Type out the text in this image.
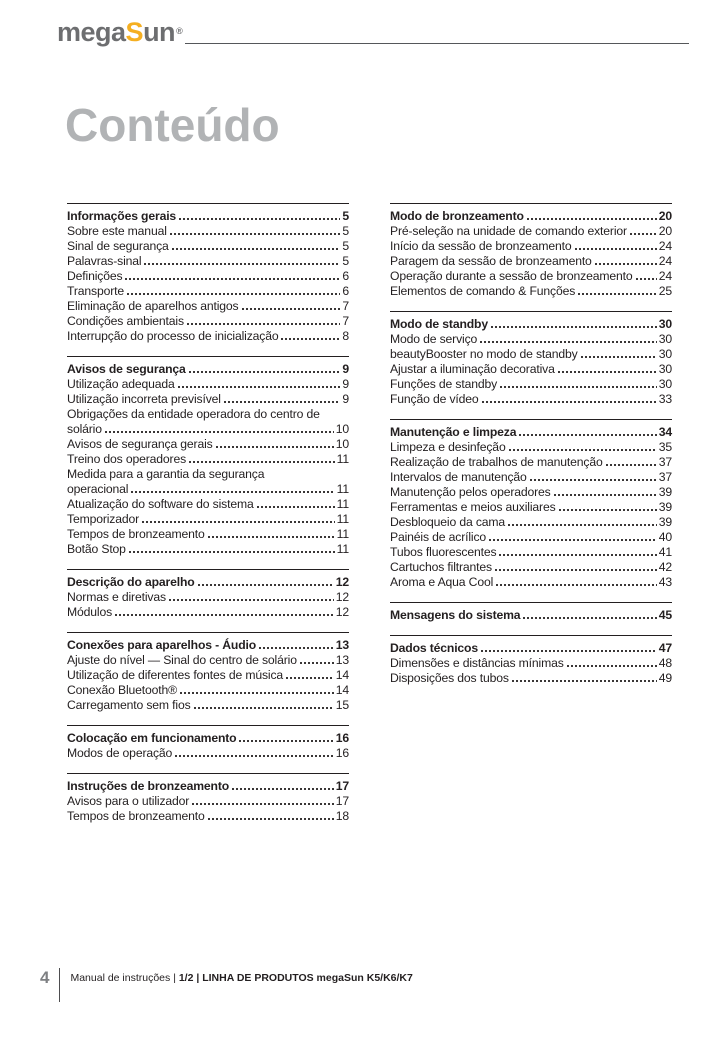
megaSun®
Conteúdo
Informações gerais	5
Sobre este manual	5
Sinal de segurança	5
Palavras-sinal	5
Definições	6
Transporte	6
Eliminação de aparelhos antigos	7
Condições ambientais	7
Interrupção do processo de inicialização	8
Avisos de segurança	9
Utilização adequada	9
Utilização incorreta previsível	9
Obrigações da entidade operadora do centro de
solário	10
Avisos de segurança gerais	10
Treino dos operadores	11
Medida para a garantia da segurança
operacional	11
Atualização do software do sistema	11
Temporizador	11
Tempos de bronzeamento	11
Botão Stop	11
Descrição do aparelho	12
Normas e diretivas	12
Módulos	12
Conexões para aparelhos - Áudio	13
Ajuste do nível — Sinal do centro de solário	13
Utilização de diferentes fontes de música	14
Conexão Bluetooth®	14
Carregamento sem fios	15
Colocação em funcionamento	16
Modos de operação	16
Instruções de bronzeamento	17
Avisos para o utilizador	17
Tempos de bronzeamento	18
Modo de bronzeamento	20
Pré-seleção na unidade de comando exterior	20
Início da sessão de bronzeamento	24
Paragem da sessão de bronzeamento	24
Operação durante a sessão de bronzeamento 24
Elementos de comando & Funções	25
Modo de standby	30
Modo de serviço	30
beautyBooster no modo de standby	30
Ajustar a iluminação decorativa	30
Funções de standby	30
Função de vídeo	33
Manutenção e limpeza	34
Limpeza e desinfeção	35
Realização de trabalhos de manutenção	37
Intervalos de manutenção	37
Manutenção pelos operadores	39
Ferramentas e meios auxiliares	39
Desbloqueio da cama	39
Painéis de acrílico	40
Tubos fluorescentes	41
Cartuchos filtrantes	42
Aroma e Aqua Cool	43
Mensagens do sistema	45
Dados técnicos	47
Dimensões e distâncias mínimas	48
Disposições dos tubos	49
4 Manual de instruções | 1/2 | LINHA DE PRODUTOS megaSun K5/K6/K7
